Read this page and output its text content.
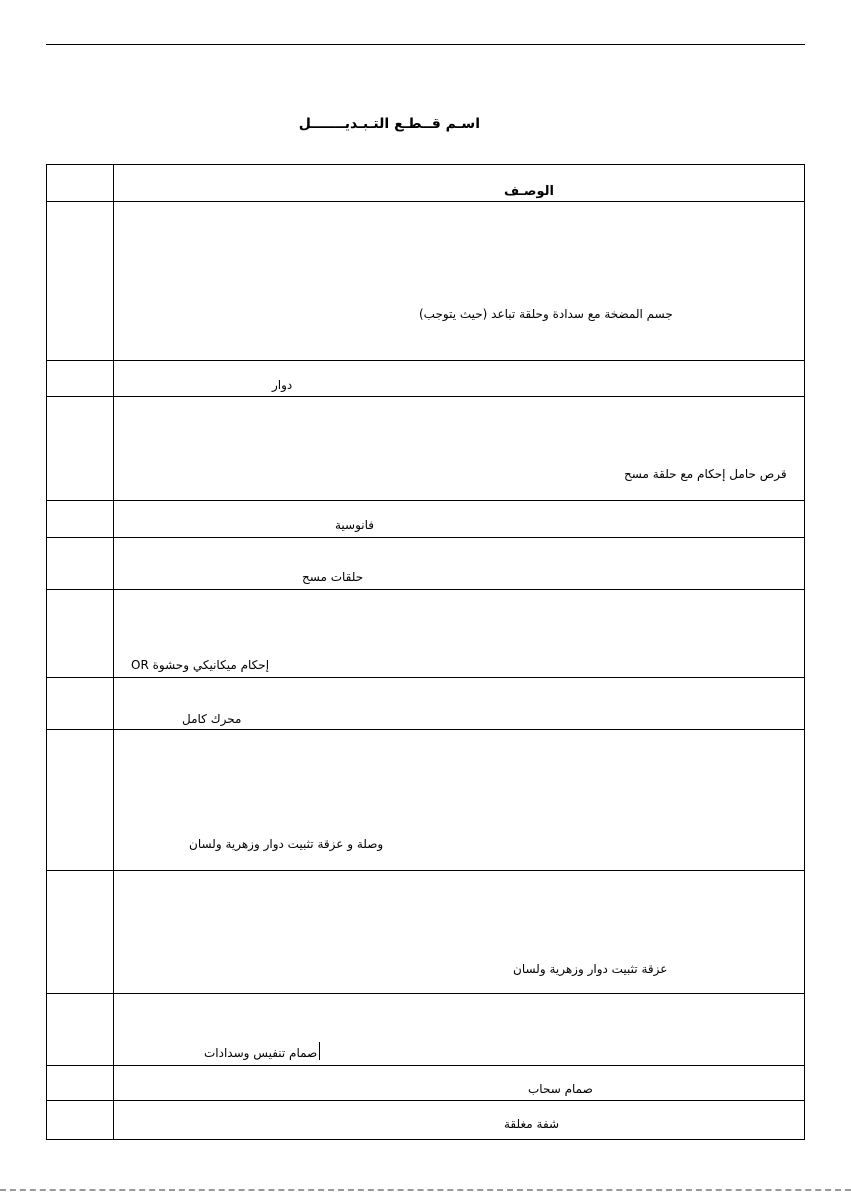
اسـم قــطـع التـبـديـــــــل
الوصـف
جسم المضخة مع سدادة وحلقة تباعد (حيث يتوجب)
دوار
قرص حامل إحكام مع حلقة مسح
فانوسية
حلقات مسح
إحكام ميكانيكي وحشوة OR
محرك كامل
وصلة و عزقة تثبيت دوار وزهرية ولسان
عزقة تثبيت دوار وزهرية ولسان
صمام تنفيس وسدادات
صمام سحاب
شفة مغلقة
